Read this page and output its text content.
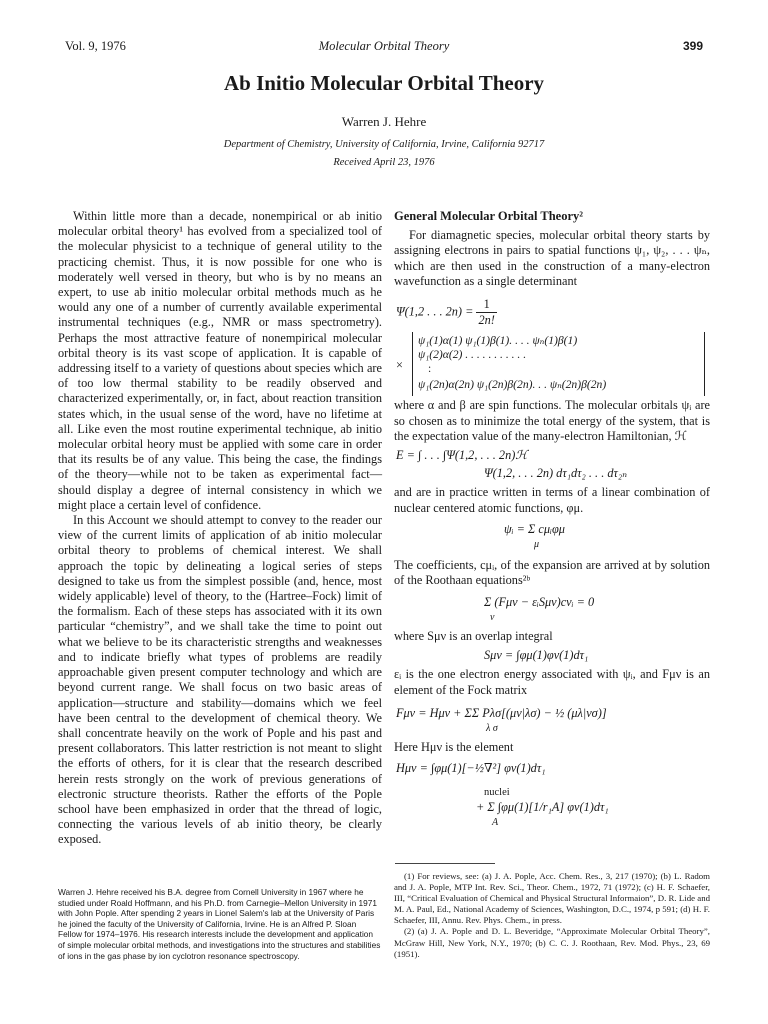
Vol. 9, 1976	Molecular Orbital Theory	399
Ab Initio Molecular Orbital Theory
Warren J. Hehre
Department of Chemistry, University of California, Irvine, California 92717
Received April 23, 1976

Within little more than a decade, nonempirical or ab initio molecular orbital theory¹ has evolved from a specialized tool of the molecular physicist to a technique of general utility to the practicing chemist. Thus, it is now possible for one who is moderately well versed in theory, but who is by no means an expert, to use ab initio molecular orbital methods much as he would any one of a number of currently available experimental instrumental techniques (e.g., NMR or mass spectrometry). Perhaps the most attractive feature of nonempirical molecular orbital theory is its vast scope of application. It is capable of addressing itself to a variety of questions about species which are of too low thermal stability to be readily observed and characterized experimentally, or, in fact, about reaction transition states which, in the usual sense of the word, have no lifetime at all. Like even the most routine experimental technique, ab initio molecular orbital heory must be applied with some care in order that its results be of any value. This being the case, the findings of the theory—while not to be taken as experimental fact—should display a degree of internal consistency in which we might place a certain level of confidence.

In this Account we should attempt to convey to the reader our view of the current limits of application of ab initio molecular orbital theory to problems of chemical interest. We shall approach the topic by delineating a logical series of steps designed to take us from the simplest possible (and, hence, most widely applicable) level of theory, to the (Hartree–Fock) limit of the formalism. Each of these steps has associated with it its own particular “chemistry”, and we shall take the time to point out what we believe to be its characteristic strengths and weaknesses and to indicate briefly what types of problems are readily approachable given present computer technology and which are beyond current range. We shall focus on two basic areas of application—structure and stability—domains which we feel have been central to the development of chemical theory. We shall concentrate heavily on the work of Pople and his past and present collaborators. This latter restriction is not meant to slight the efforts of others, for it is clear that the research described herein rests strongly on the work of previous generations of electronic structure theorists. Rather the efforts of the Pople school have been emphasized in order that the thread of logic, connecting the various levels of ab initio theory, be clearly exposed.

Warren J. Hehre received his B.A. degree from Cornell University in 1967 where he studied under Roald Hoffmann, and his Ph.D. from Carnegie–Mellon University in 1971 with John Pople. After spending 2 years in Lionel Salem's lab at the University of Paris he joined the faculty of the University of California, Irvine. He is an Alfred P. Sloan Fellow for 1974–1976. His research interests include the development and application of simple molecular orbital methods, and investigations into the structures and stabilities of ions in the gas phase by ion cyclotron resonance spectroscopy.
General Molecular Orbital Theory²

For diamagnetic species, molecular orbital theory starts by assigning electrons in pairs to spatial functions ψ₁, ψ₂, . . . ψₙ, which are then used in the construction of a many-electron wavefunction as a single determinant

Ψ(1,2 . . . $2n) = \frac{1}{2n!}$
×
ψ₁(1)α(1) ψ₁(1)β(1). . . . ψₙ(1)β(1)
ψ₁(2)α(2) . . . . . . . . . . .
:
ψ₁(2n)α(2n) ψ₁(2n)β(2n). . . ψₙ(2n)β(2n)

where α and β are spin functions. The molecular orbitals ψᵢ are so chosen as to minimize the total energy of the system, that is the expectation value of the many-electron Hamiltonian, ℋ

E = ∫ . . . ∫Ψ(1,2, . . . 2n)ℋ
Ψ(1,2, . . . 2n) dτ₁dτ₂ . . . dτ₂ₙ

and are in practice written in terms of a linear combination of nuclear centered atomic functions, φμ.

ψᵢ = Σ cμᵢφμ
μ

The coefficients, cμᵢ, of the expansion are arrived at by solution of the Roothaan equations²ᵇ

Σ (Fμν − εᵢSμν)cνᵢ = 0
ν

where Sμν is an overlap integral

Sμν = ∫φμ(1)φν(1)dτ₁

εᵢ is the one electron energy associated with ψᵢ, and Fμν is an element of the Fock matrix

Fμν = Hμν + ΣΣ Pλσ[(μν|λσ) − ½ (μλ|νσ)]
λ σ

Here Hμν is the element

Hμν = ∫φμ(1)[−½∇²] φν(1)dτ₁
nuclei
+ Σ ∫φμ(1)[1/r₁A] φν(1)dτ₁
A

(1) For reviews, see: (a) J. A. Pople, Acc. Chem. Res., 3, 217 (1970); (b) L. Radom and J. A. Pople, MTP Int. Rev. Sci., Theor. Chem., 1972, 71 (1972); (c) H. F. Schaefer, III, “Critical Evaluation of Chemical and Physical Structural Informaion”, D. R. Lide and M. A. Paul, Ed., National Academy of Sciences, Washington, D.C., 1974, p 591; (d) H. F. Schaefer, III, Annu. Rev. Phys. Chem., in press.

(2) (a) J. A. Pople and D. L. Beveridge, “Approximate Molecular Orbital Theory”, McGraw Hill, New York, N.Y., 1970; (b) C. C. J. Roothaan, Rev. Mod. Phys., 23, 69 (1951).
